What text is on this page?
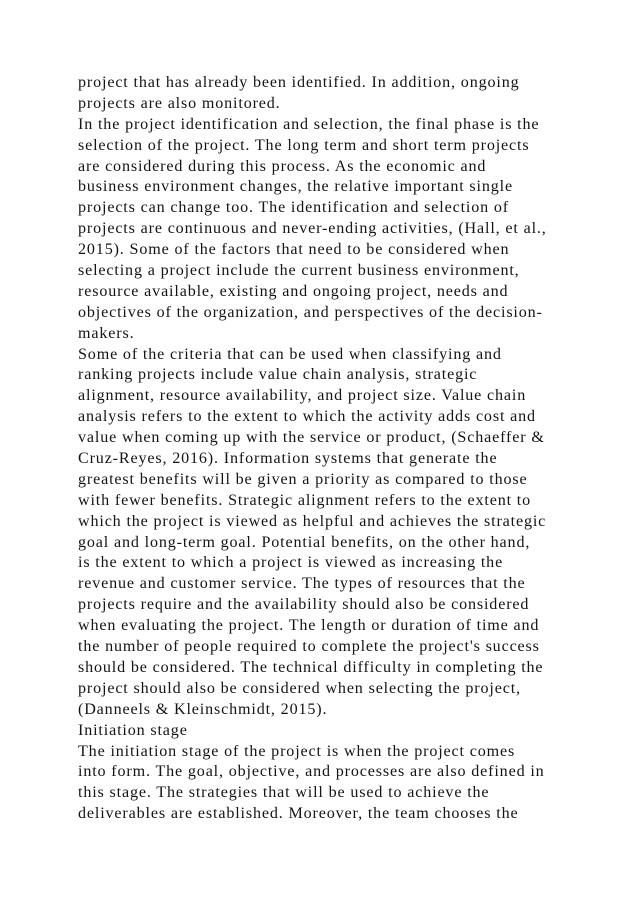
project that has already been identified. In addition, ongoing
projects are also monitored.
In the project identification and selection, the final phase is the
selection of the project. The long term and short term projects
are considered during this process. As the economic and
business environment changes, the relative important single
projects can change too. The identification and selection of
projects are continuous and never-ending activities, (Hall, et al.,
2015). Some of the factors that need to be considered when
selecting a project include the current business environment,
resource available, existing and ongoing project, needs and
objectives of the organization, and perspectives of the decision-
makers.
Some of the criteria that can be used when classifying and
ranking projects include value chain analysis, strategic
alignment, resource availability, and project size. Value chain
analysis refers to the extent to which the activity adds cost and
value when coming up with the service or product, (Schaeffer &
Cruz-Reyes, 2016). Information systems that generate the
greatest benefits will be given a priority as compared to those
with fewer benefits. Strategic alignment refers to the extent to
which the project is viewed as helpful and achieves the strategic
goal and long-term goal. Potential benefits, on the other hand,
is the extent to which a project is viewed as increasing the
revenue and customer service. The types of resources that the
projects require and the availability should also be considered
when evaluating the project. The length or duration of time and
the number of people required to complete the project's success
should be considered. The technical difficulty in completing the
project should also be considered when selecting the project,
(Danneels & Kleinschmidt, 2015).
Initiation stage
The initiation stage of the project is when the project comes
into form. The goal, objective, and processes are also defined in
this stage. The strategies that will be used to achieve the
deliverables are established. Moreover, the team chooses the
